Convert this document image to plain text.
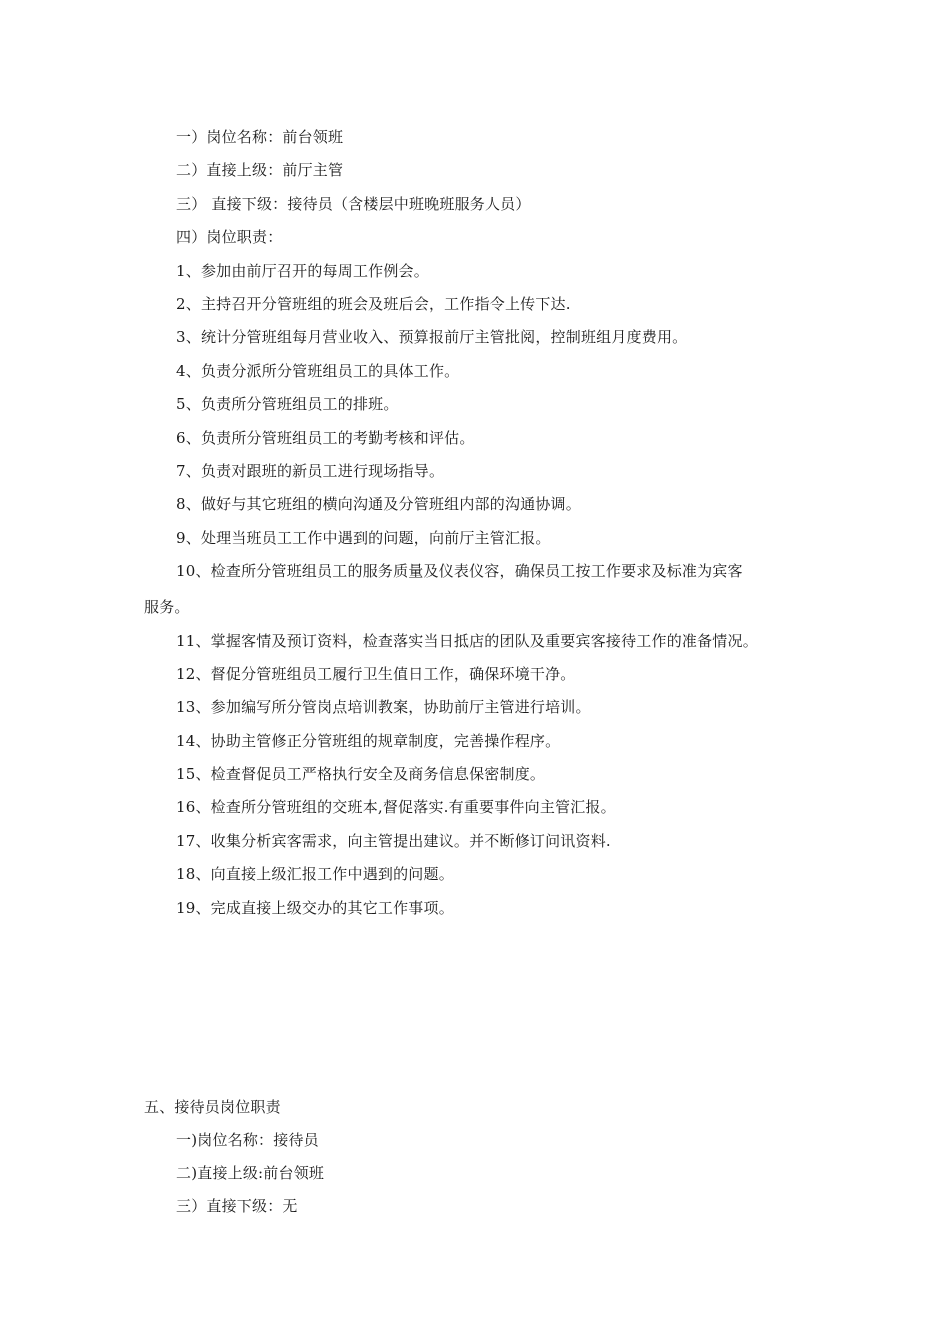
一）岗位名称：前台领班
二）直接上级：前厅主管
三） 直接下级：接待员（含楼层中班晚班服务人员）
四）岗位职责：
1、参加由前厅召开的每周工作例会。
2、主持召开分管班组的班会及班后会，工作指令上传下达.
3、统计分管班组每月营业收入、预算报前厅主管批阅，控制班组月度费用。
4、负责分派所分管班组员工的具体工作。
5、负责所分管班组员工的排班。
6、负责所分管班组员工的考勤考核和评估。
7、负责对跟班的新员工进行现场指导。
8、做好与其它班组的横向沟通及分管班组内部的沟通协调。
9、处理当班员工工作中遇到的问题，向前厅主管汇报。
10、检查所分管班组员工的服务质量及仪表仪容，确保员工按工作要求及标准为宾客
服务。
11、掌握客情及预订资料，检查落实当日抵店的团队及重要宾客接待工作的准备情况。
12、督促分管班组员工履行卫生值日工作，确保环境干净。
13、参加编写所分管岗点培训教案，协助前厅主管进行培训。
14、协助主管修正分管班组的规章制度，完善操作程序。
15、检查督促员工严格执行安全及商务信息保密制度。
16、检查所分管班组的交班本,督促落实.有重要事件向主管汇报。
17、收集分析宾客需求，向主管提出建议。并不断修订问讯资料.
18、向直接上级汇报工作中遇到的问题。
19、完成直接上级交办的其它工作事项。
五、接待员岗位职责
一)岗位名称：接待员
二)直接上级:前台领班
三）直接下级：无
